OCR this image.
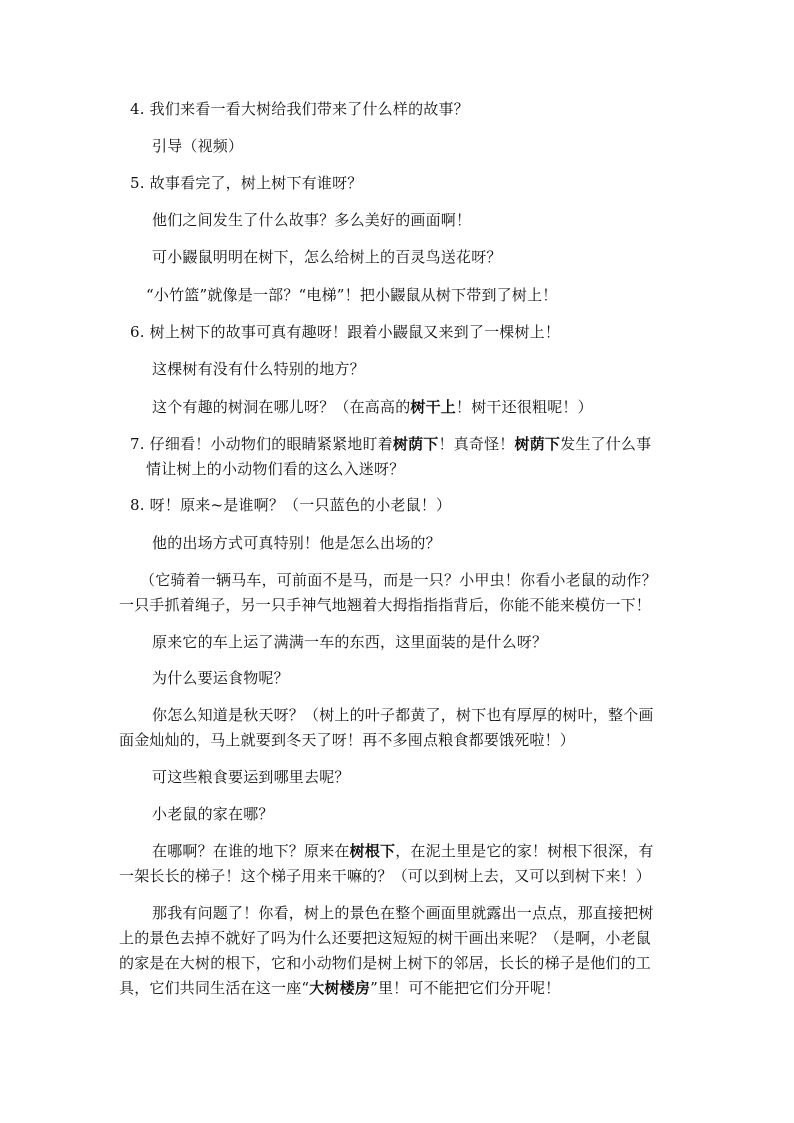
4. 我们来看一看大树给我们带来了什么样的故事？

引导（视频）

5. 故事看完了，树上树下有谁呀？

他们之间发生了什么故事？多么美好的画面啊！

可小鼹鼠明明在树下，怎么给树上的百灵鸟送花呀？

“小竹篮”就像是一部？“电梯”！把小鼹鼠从树下带到了树上！

6. 树上树下的故事可真有趣呀！跟着小鼹鼠又来到了一棵树上！

这棵树有没有什么特别的地方？

这个有趣的树洞在哪儿呀？（在高高的树干上！树干还很粗呢！）

7. 仔细看！小动物们的眼睛紧紧地盯着树荫下！真奇怪！树荫下发生了什么事

情让树上的小动物们看的这么入迷呀？

8. 呀！原来~是谁啊？（一只蓝色的小老鼠！）

他的出场方式可真特别！他是怎么出场的？

（它骑着一辆马车，可前面不是马，而是一只？小甲虫！你看小老鼠的动作？

一只手抓着绳子，另一只手神气地翘着大拇指指指背后，你能不能来模仿一下！

原来它的车上运了满满一车的东西，这里面装的是什么呀？

为什么要运食物呢？

你怎么知道是秋天呀？（树上的叶子都黄了，树下也有厚厚的树叶，整个画

面金灿灿的，马上就要到冬天了呀！再不多囤点粮食都要饿死啦！）

可这些粮食要运到哪里去呢？

小老鼠的家在哪？

在哪啊？在谁的地下？原来在树根下，在泥土里是它的家！树根下很深，有

一架长长的梯子！这个梯子用来干嘛的？（可以到树上去，又可以到树下来！）

那我有问题了！你看，树上的景色在整个画面里就露出一点点，那直接把树

上的景色去掉不就好了吗为什么还要把这短短的树干画出来呢？（是啊，小老鼠

的家是在大树的根下，它和小动物们是树上树下的邻居，长长的梯子是他们的工

具，它们共同生活在这一座“大树楼房”里！可不能把它们分开呢！
